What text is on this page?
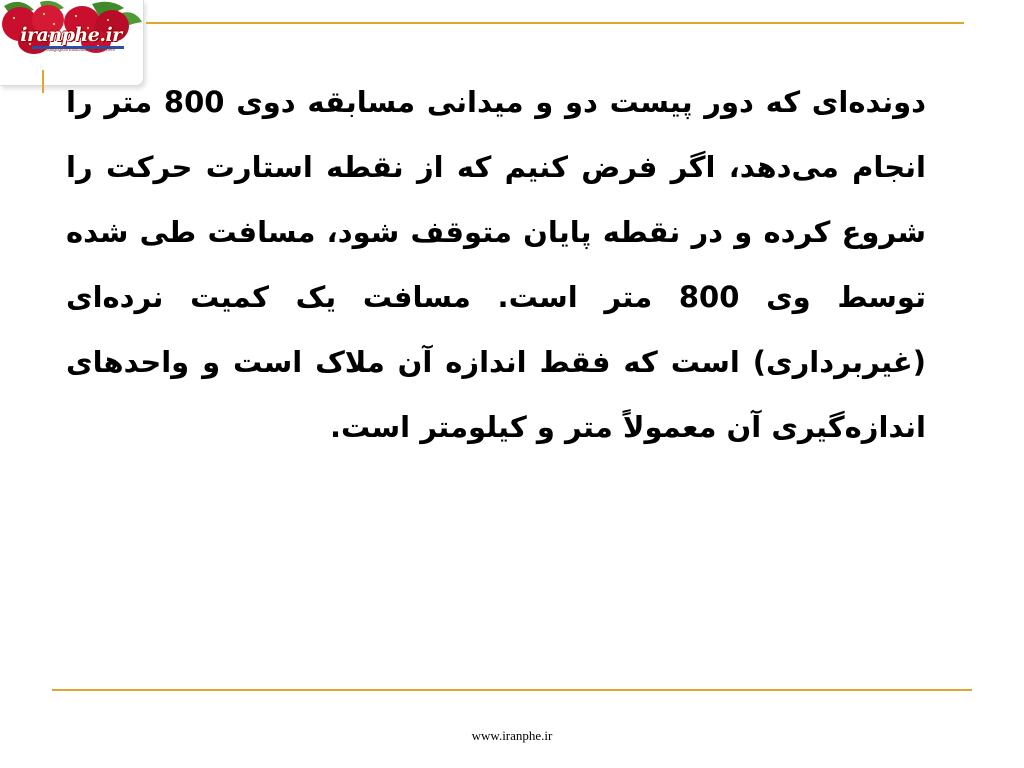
iranphe.ir
Pedagogical Education & more here

دونده‌ای که دور پیست دو و میدانی مسابقه دوی 800 متر را انجام می‌دهد، اگر فرض کنیم که از نقطه استارت حرکت را شروع کرده و در نقطه پایان متوقف شود، مسافت طی شده توسط وی 800 متر است. مسافت یک کمیت نرده‌ای (غیربرداری) است که فقط اندازه آن ملاک است و واحدهای اندازه‌گیری آن معمولاً متر و کیلومتر است.

www.iranphe.ir
